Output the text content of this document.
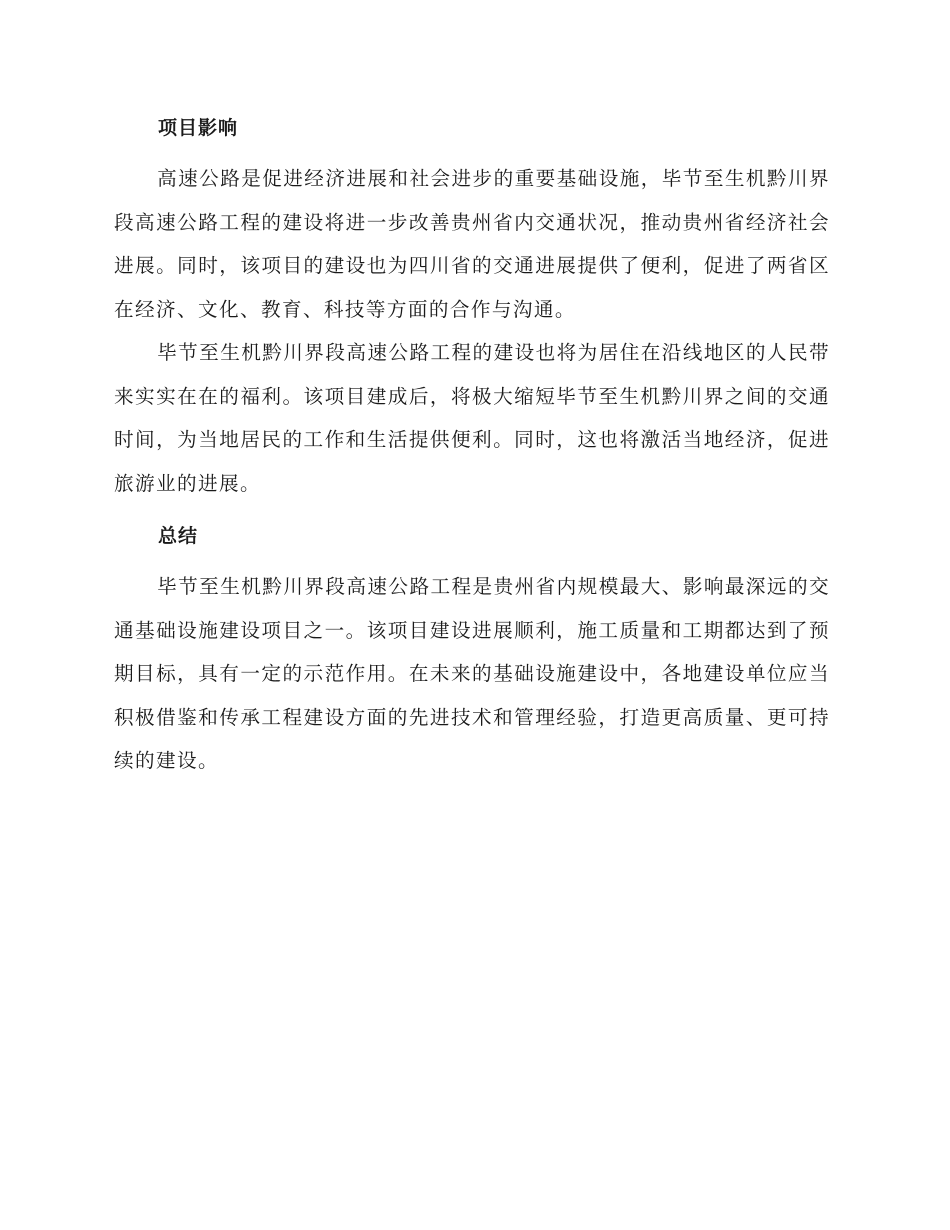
项目影响

高速公路是促进经济进展和社会进步的重要基础设施，毕节至生机黔川界段高速公路工程的建设将进一步改善贵州省内交通状况，推动贵州省经济社会进展。同时，该项目的建设也为四川省的交通进展提供了便利，促进了两省区在经济、文化、教育、科技等方面的合作与沟通。

毕节至生机黔川界段高速公路工程的建设也将为居住在沿线地区的人民带来实实在在的福利。该项目建成后，将极大缩短毕节至生机黔川界之间的交通时间，为当地居民的工作和生活提供便利。同时，这也将激活当地经济，促进旅游业的进展。

总结

毕节至生机黔川界段高速公路工程是贵州省内规模最大、影响最深远的交通基础设施建设项目之一。该项目建设进展顺利，施工质量和工期都达到了预期目标，具有一定的示范作用。在未来的基础设施建设中，各地建设单位应当积极借鉴和传承工程建设方面的先进技术和管理经验，打造更高质量、更可持续的建设。
